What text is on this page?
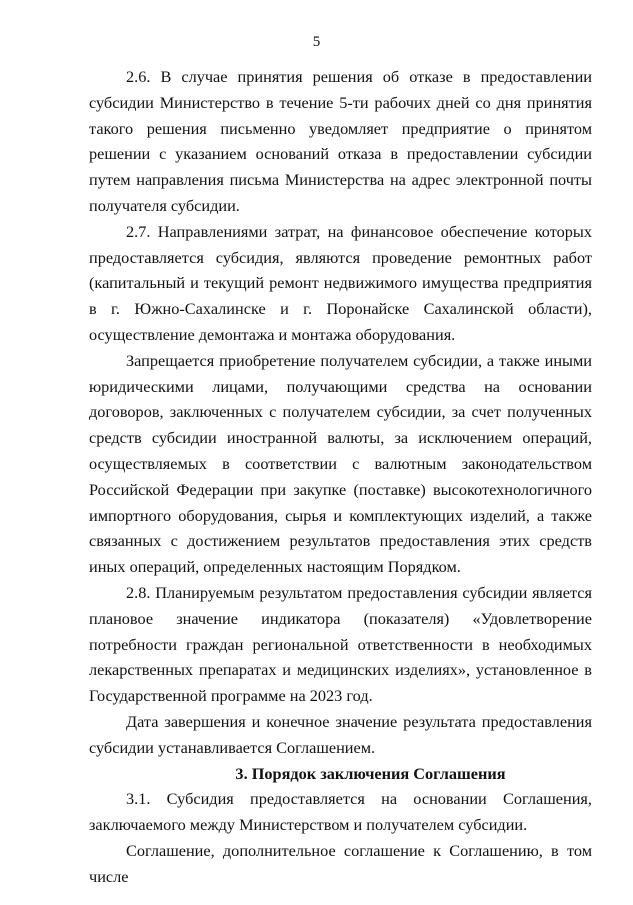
5

2.6. В случае принятия решения об отказе в предоставлении субсидии Министерство в течение 5-ти рабочих дней со дня принятия такого решения письменно уведомляет предприятие о принятом решении с указанием оснований отказа в предоставлении субсидии путем направления письма Министерства на адрес электронной почты получателя субсидии.

2.7. Направлениями затрат, на финансовое обеспечение которых предоставляется субсидия, являются проведение ремонтных работ (капитальный и текущий ремонт недвижимого имущества предприятия в г. Южно-Сахалинске и г. Поронайске Сахалинской области), осуществление демонтажа и монтажа оборудования.

Запрещается приобретение получателем субсидии, а также иными юридическими лицами, получающими средства на основании договоров, заключенных с получателем субсидии, за счет полученных средств субсидии иностранной валюты, за исключением операций, осуществляемых в соответствии с валютным законодательством Российской Федерации при закупке (поставке) высокотехнологичного импортного оборудования, сырья и комплектующих изделий, а также связанных с достижением результатов предоставления этих средств иных операций, определенных настоящим Порядком.

2.8. Планируемым результатом предоставления субсидии является плановое значение индикатора (показателя) «Удовлетворение потребности граждан региональной ответственности в необходимых лекарственных препаратах и медицинских изделиях», установленное в Государственной программе на 2023 год.

Дата завершения и конечное значение результата предоставления субсидии устанавливается Соглашением.

3. Порядок заключения Соглашения

3.1. Субсидия предоставляется на основании Соглашения, заключаемого между Министерством и получателем субсидии.

Соглашение, дополнительное соглашение к Соглашению, в том числе
